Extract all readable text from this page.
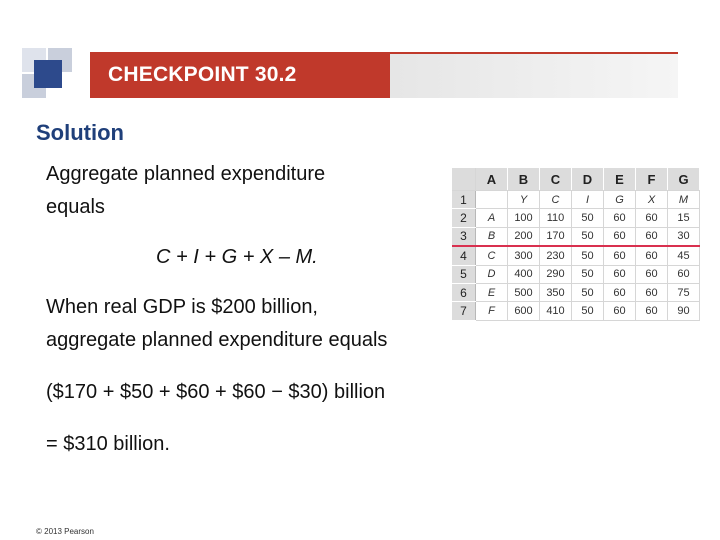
CHECKPOINT 30.2
Solution
Aggregate planned expenditure
equals
C + I + G + X – M.
When real GDP is $200 billion,
aggregate planned expenditure equals
($170 + $50 + $60 + $60 − $30) billion
= $310 billion.
	A	B	C	D	E	F	G
1		Y	C	I	G	X	M
2	A	100	110	50	60	60	15
3	B	200	170	50	60	60	30
4	C	300	230	50	60	60	45
5	D	400	290	50	60	60	60
6	E	500	350	50	60	60	75
7	F	600	410	50	60	60	90
© 2013 Pearson
